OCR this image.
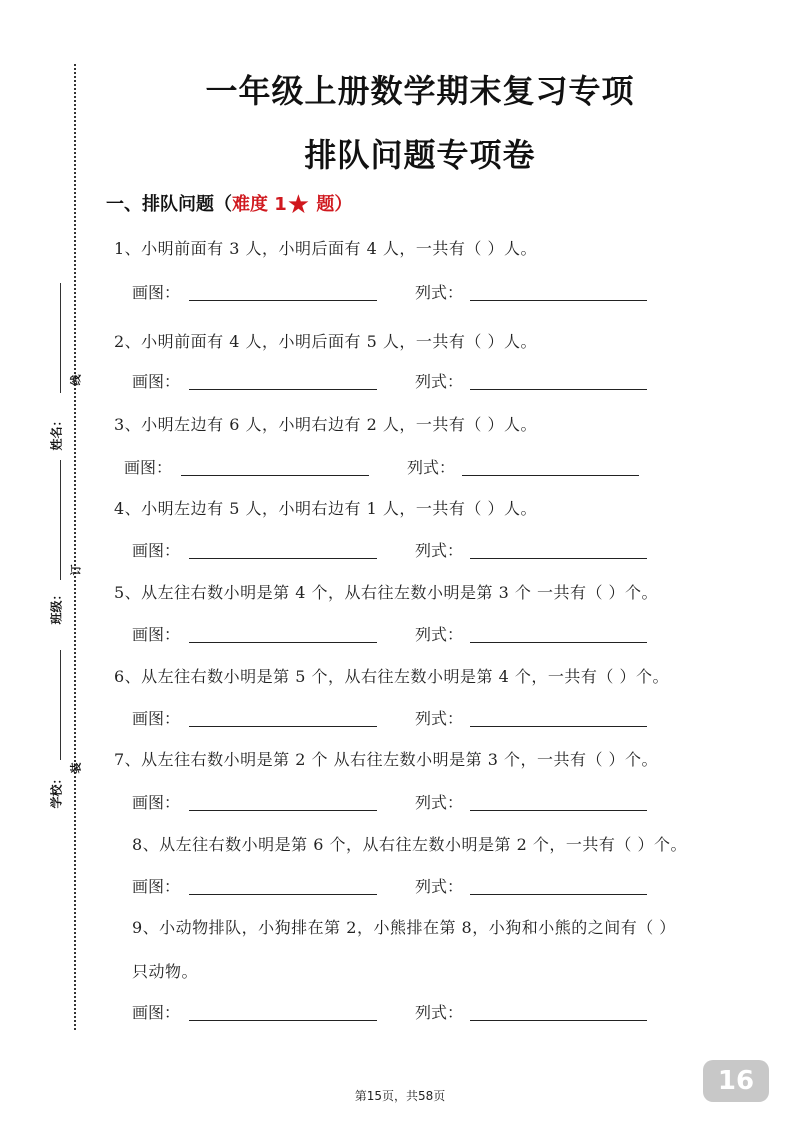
姓名：
班级：
学校：
线
订
装
一年级上册数学期末复习专项
排队问题专项卷
一、排队问题（难度 1★ 题）
1、小明前面有 3 人，小明后面有 4 人，一共有（ ）人。
画图：	列式：
2、小明前面有 4 人，小明后面有 5 人，一共有（ ）人。
画图：	列式：
3、小明左边有 6 人，小明右边有 2 人，一共有（ ）人。
画图：	列式：
4、小明左边有 5 人，小明右边有 1 人，一共有（ ）人。
画图：	列式：
5、从左往右数小明是第 4 个，从右往左数小明是第 3 个 一共有（ ）个。
画图：	列式：
6、从左往右数小明是第 5 个，从右往左数小明是第 4 个，一共有（ ）个。
画图：	列式：
7、从左往右数小明是第 2 个 从右往左数小明是第 3 个，一共有（ ）个。
画图：	列式：
8、从左往右数小明是第 6 个，从右往左数小明是第 2 个，一共有（ ）个。
画图：	列式：
9、小动物排队，小狗排在第 2，小熊排在第 8，小狗和小熊的之间有（ ）
只动物。
画图：	列式：
第15页，共58页	16
